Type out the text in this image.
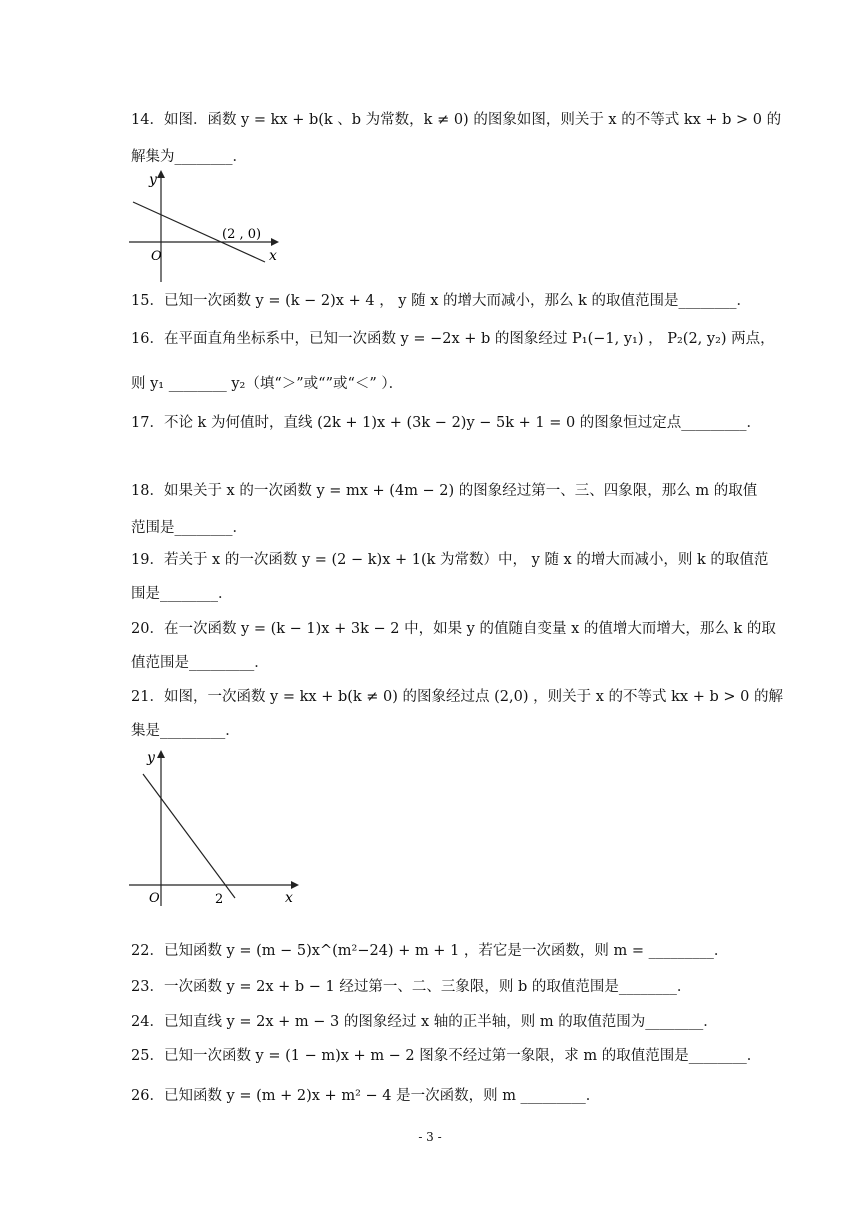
14．如图．函数 y = kx + b(k 、b 为常数，k ≠ 0) 的图象如图，则关于 x 的不等式 kx + b > 0 的
解集为________．
y
x
O
(2 , 0)
15．已知一次函数 y = (k − 2)x + 4 ， y 随 x 的增大而减小，那么 k 的取值范围是________．
16．在平面直角坐标系中，已知一次函数 y = −2x + b 的图象经过 P₁(−1, y₁) ， P₂(2, y₂) 两点，
则 y₁ ________ y₂（填“＞”或“”或“＜” ）．
17．不论 k 为何值时，直线 (2k + 1)x + (3k − 2)y − 5k + 1 = 0 的图象恒过定点_________．
18．如果关于 x 的一次函数 y = mx + (4m − 2) 的图象经过第一、三、四象限，那么 m 的取值
范围是________．
19．若关于 x 的一次函数 y = (2 − k)x + 1(k 为常数）中， y 随 x 的增大而减小，则 k 的取值范
围是________．
20．在一次函数 y = (k − 1)x + 3k − 2 中，如果 y 的值随自变量 x 的值增大而增大，那么 k 的取
值范围是_________．
21．如图，一次函数 y = kx + b(k ≠ 0) 的图象经过点 (2,0) ，则关于 x 的不等式 kx + b > 0 的解
集是_________．
y
x
O	2
22．已知函数 y = (m − 5)x^(m²−24) + m + 1 ，若它是一次函数，则 m = _________．
23．一次函数 y = 2x + b − 1 经过第一、二、三象限，则 b 的取值范围是________．
24．已知直线 y = 2x + m − 3 的图象经过 x 轴的正半轴，则 m 的取值范围为________．
25．已知一次函数 y = (1 − m)x + m − 2 图象不经过第一象限，求 m 的取值范围是________．
26．已知函数 y = (m + 2)x + m² − 4 是一次函数，则 m _________．
- 3 -
